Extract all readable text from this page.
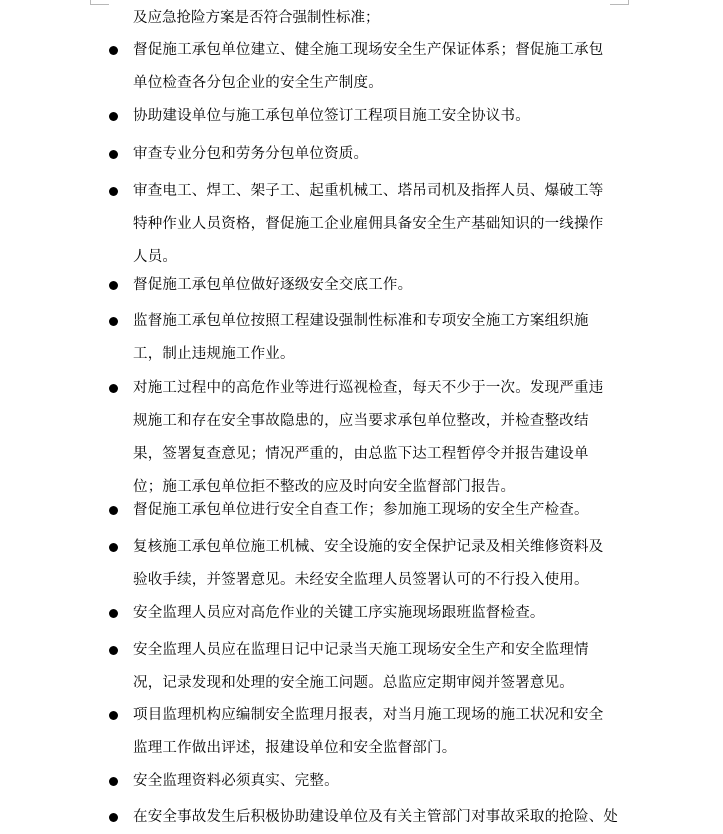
及应急抢险方案是否符合强制性标准；
督促施工承包单位建立、健全施工现场安全生产保证体系；督促施工承包单位检查各分包企业的安全生产制度。
协助建设单位与施工承包单位签订工程项目施工安全协议书。
审查专业分包和劳务分包单位资质。
审查电工、焊工、架子工、起重机械工、塔吊司机及指挥人员、爆破工等特种作业人员资格，督促施工企业雇佣具备安全生产基础知识的一线操作人员。
督促施工承包单位做好逐级安全交底工作。
监督施工承包单位按照工程建设强制性标准和专项安全施工方案组织施工，制止违规施工作业。
对施工过程中的高危作业等进行巡视检查，每天不少于一次。发现严重违规施工和存在安全事故隐患的，应当要求承包单位整改，并检查整改结果，签署复查意见；情况严重的，由总监下达工程暂停令并报告建设单位；施工承包单位拒不整改的应及时向安全监督部门报告。
督促施工承包单位进行安全自查工作；参加施工现场的安全生产检查。
复核施工承包单位施工机械、安全设施的安全保护记录及相关维修资料及验收手续，并签署意见。未经安全监理人员签署认可的不行投入使用。
安全监理人员应对高危作业的关键工序实施现场跟班监督检查。
安全监理人员应在监理日记中记录当天施工现场安全生产和安全监理情况，记录发现和处理的安全施工问题。总监应定期审阅并签署意见。
项目监理机构应编制安全监理月报表，对当月施工现场的施工状况和安全监理工作做出评述，报建设单位和安全监督部门。
安全监理资料必须真实、完整。
在安全事故发生后积极协助建设单位及有关主管部门对事故采取的抢险、处
